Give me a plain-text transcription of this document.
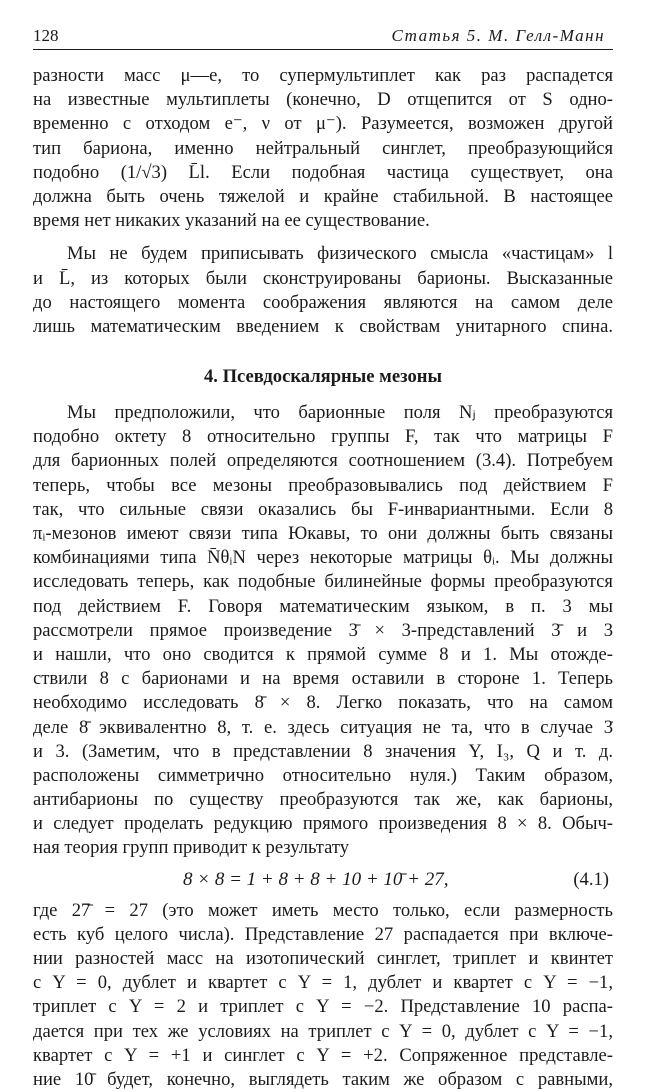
128	Статья 5. М. Гелл-Манн
разности масс μ—e, то супермультиплет как раз распадется
на известные мультиплеты (конечно, D отщепится от S одно-
временно с отходом e⁻, ν от μ⁻). Разумеется, возможен другой
тип бариона, именно нейтральный синглет, преобразующийся
подобно (1/√3) L̄l. Если подобная частица существует, она
должна быть очень тяжелой и крайне стабильной. В настоящее
время нет никаких указаний на ее существование.
Мы не будем приписывать физического смысла «частицам» l
и L̄, из которых были сконструированы барионы. Высказанные
до настоящего момента соображения являются на самом деле
лишь математическим введением к свойствам унитарного спина.
4. Псевдоскалярные мезоны
Мы предположили, что барионные поля Nⱼ преобразуются
подобно октету 8 относительно группы F, так что матрицы F
для барионных полей определяются соотношением (3.4). Потребуем
теперь, чтобы все мезоны преобразовывались под действием F
так, что сильные связи оказались бы F-инвариантными. Если 8
πᵢ-мезонов имеют связи типа Юкавы, то они должны быть связаны
комбинациями типа N̄θᵢN через некоторые матрицы θᵢ. Мы должны
исследовать теперь, как подобные билинейные формы преобразуются
под действием F. Говоря математическим языком, в п. 3 мы
рассмотрели прямое произведение 3̄ × 3-представлений 3̄ и 3
и нашли, что оно сводится к прямой сумме 8 и 1. Мы отожде-
ствили 8 с барионами и на время оставили в стороне 1. Теперь
необходимо исследовать 8̄ × 8. Легко показать, что на самом
деле 8̄ эквивалентно 8, т. е. здесь ситуация не та, что в случае 3̄
и 3. (Заметим, что в представлении 8 значения Y, I₃, Q и т. д.
расположены симметрично относительно нуля.) Таким образом,
антибарионы по существу преобразуются так же, как барионы,
и следует проделать редукцию прямого произведения 8 × 8. Обыч-
ная теория групп приводит к результату
8 × 8 = 1 + 8 + 8 + 10 + 10̄ + 27,	(4.1)
где 27̄ = 27 (это может иметь место только, если размерность
есть куб целого числа). Представление 27 распадается при включе-
нии разностей масс на изотопический синглет, триплет и квинтет
с Y = 0, дублет и квартет с Y = 1, дублет и квартет с Y = −1,
триплет с Y = 2 и триплет с Y = −2. Представление 10 распа-
дается при тех же условиях на триплет с Y = 0, дублет с Y = −1,
квартет с Y = +1 и синглет с Y = +2. Сопряженное представле-
ние 10̄ будет, конечно, выглядеть таким же образом с равными,
